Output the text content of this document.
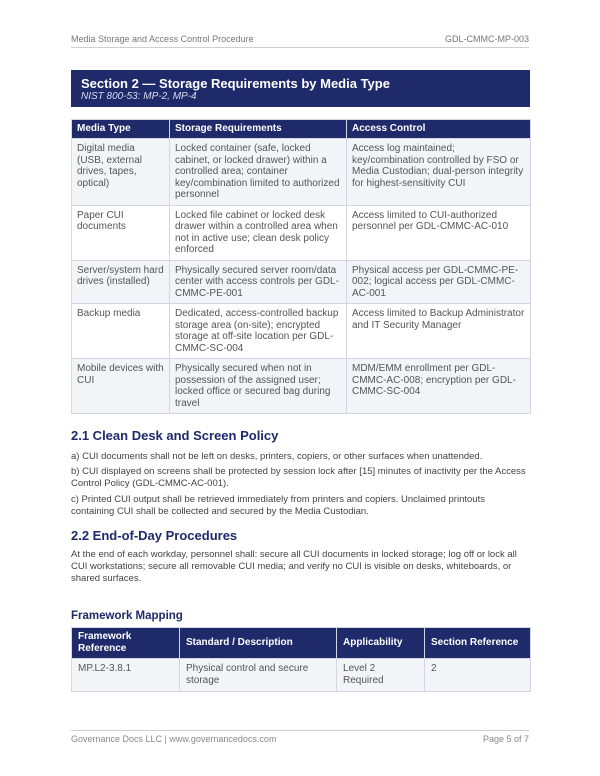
Media Storage and Access Control Procedure	GDL-CMMC-MP-003
Section 2 — Storage Requirements by Media Type
NIST 800-53: MP-2, MP-4
Media Type	Storage Requirements	Access Control
Digital media (USB, external drives, tapes, optical)	Locked container (safe, locked cabinet, or locked drawer) within a controlled area; container key/combination limited to authorized personnel	Access log maintained; key/combination controlled by FSO or Media Custodian; dual-person integrity for highest-sensitivity CUI
Paper CUI documents	Locked file cabinet or locked desk drawer within a controlled area when not in active use; clean desk policy enforced	Access limited to CUI-authorized personnel per GDL-CMMC-AC-010
Server/system hard drives (installed)	Physically secured server room/data center with access controls per GDL-CMMC-PE-001	Physical access per GDL-CMMC-PE-002; logical access per GDL-CMMC-AC-001
Backup media	Dedicated, access-controlled backup storage area (on-site); encrypted storage at off-site location per GDL-CMMC-SC-004	Access limited to Backup Administrator and IT Security Manager
Mobile devices with CUI	Physically secured when not in possession of the assigned user; locked office or secured bag during travel	MDM/EMM enrollment per GDL-CMMC-AC-008; encryption per GDL-CMMC-SC-004
2.1 Clean Desk and Screen Policy

a) CUI documents shall not be left on desks, printers, copiers, or other surfaces when unattended.

b) CUI displayed on screens shall be protected by session lock after [15] minutes of inactivity per the Access Control Policy (GDL-CMMC-AC-001).

c) Printed CUI output shall be retrieved immediately from printers and copiers. Unclaimed printouts containing CUI shall be collected and secured by the Media Custodian.

2.2 End-of-Day Procedures

At the end of each workday, personnel shall: secure all CUI documents in locked storage; log off or lock all CUI workstations; secure all removable CUI media; and verify no CUI is visible on desks, whiteboards, or shared surfaces.

Framework Mapping
Framework Reference	Standard / Description	Applicability	Section Reference
MP.L2-3.8.1	Physical control and secure storage	Level 2 Required	2
Governance Docs LLC | www.governancedocs.com	Page 5 of 7
